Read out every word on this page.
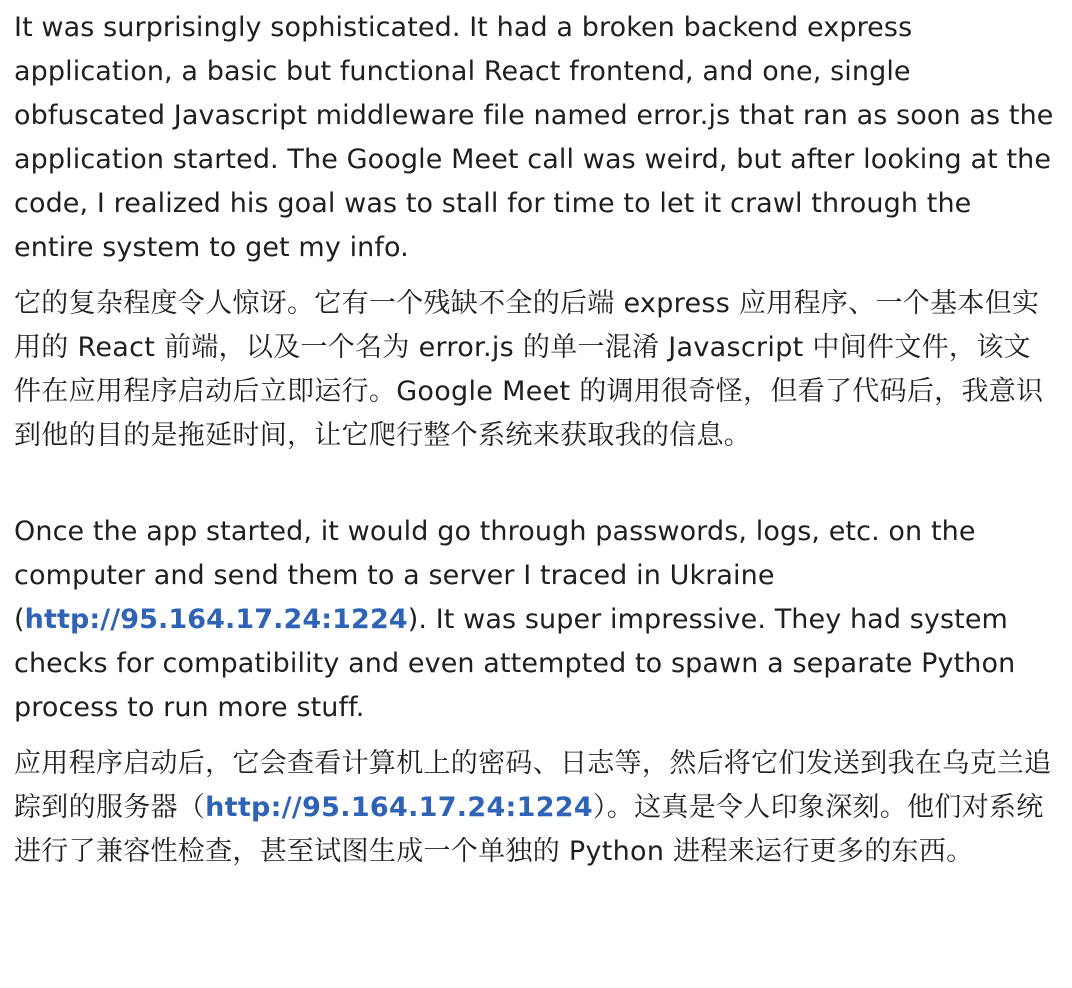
It was surprisingly sophisticated. It had a broken backend express application, a basic but functional React frontend, and one, single obfuscated Javascript middleware file named error.js that ran as soon as the application started. The Google Meet call was weird, but after looking at the code, I realized his goal was to stall for time to let it crawl through the entire system to get my info.

它的复杂程度令人惊讶。它有一个残缺不全的后端 express 应用程序、一个基本但实用的 React 前端，以及一个名为 error.js 的单一混淆 Javascript 中间件文件，该文件在应用程序启动后立即运行。Google Meet 的调用很奇怪，但看了代码后，我意识到他的目的是拖延时间，让它爬行整个系统来获取我的信息。

Once the app started, it would go through passwords, logs, etc. on the computer and send them to a server I traced in Ukraine (http://95.164.17.24:1224). It was super impressive. They had system checks for compatibility and even attempted to spawn a separate Python process to run more stuff.

应用程序启动后，它会查看计算机上的密码、日志等，然后将它们发送到我在乌克兰追踪到的服务器（http://95.164.17.24:1224）。这真是令人印象深刻。他们对系统进行了兼容性检查，甚至试图生成一个单独的 Python 进程来运行更多的东西。
